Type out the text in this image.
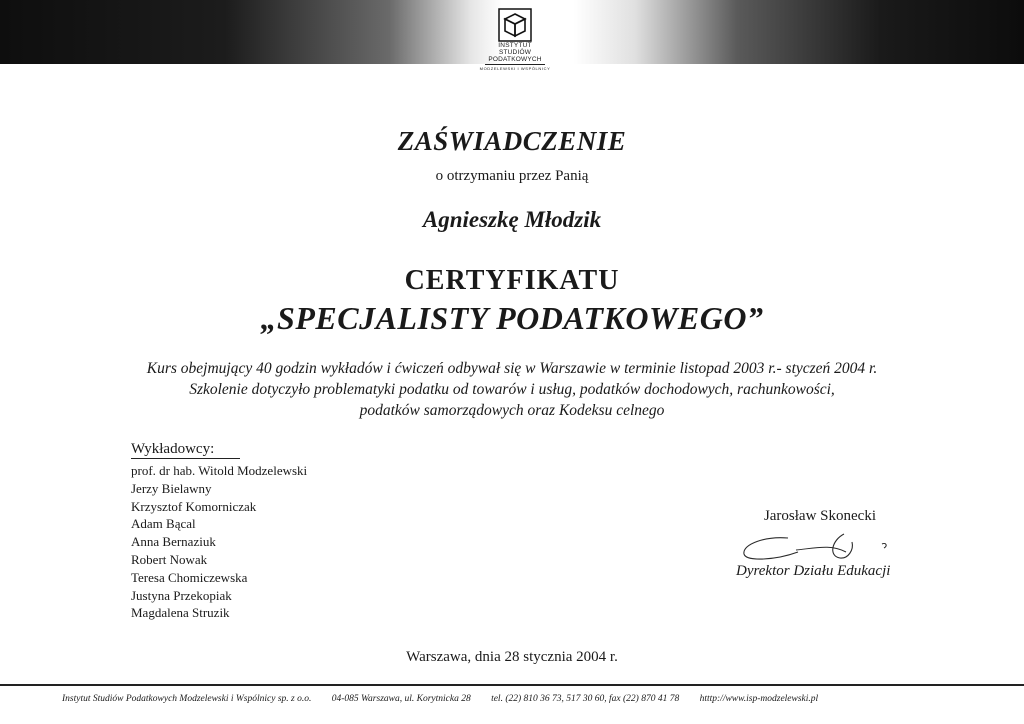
INSTYTUT
STUDIÓW
PODATKOWYCH
MODZELEWSKI I WSPÓLNICY
ZAŚWIADCZENIE
o otrzymaniu przez Panią
Agnieszkę Młodzik
CERTYFIKATU
„SPECJALISTY PODATKOWEGO”
Kurs obejmujący 40 godzin wykładów i ćwiczeń odbywał się w Warszawie w terminie listopad 2003 r.- styczeń 2004 r.
Szkolenie dotyczyło problematyki podatku od towarów i usług, podatków dochodowych, rachunkowości,
podatków samorządowych oraz Kodeksu celnego
Wykładowcy:
prof. dr hab. Witold Modzelewski
Jerzy Bielawny
Krzysztof Komorniczak
Adam Bącal
Anna Bernaziuk
Robert Nowak
Teresa Chomiczewska
Justyna Przekopiak
Magdalena Struzik
Jarosław Skonecki
Dyrektor Działu Edukacji
Warszawa, dnia 28 stycznia 2004 r.
Instytut Studiów Podatkowych Modzelewski i Wspólnicy sp. z o.o. 04-085 Warszawa, ul. Korytnicka 28 tel. (22) 810 36 73, 517 30 60, fax (22) 870 41 78 htttp://www.isp-modzelewski.pl
